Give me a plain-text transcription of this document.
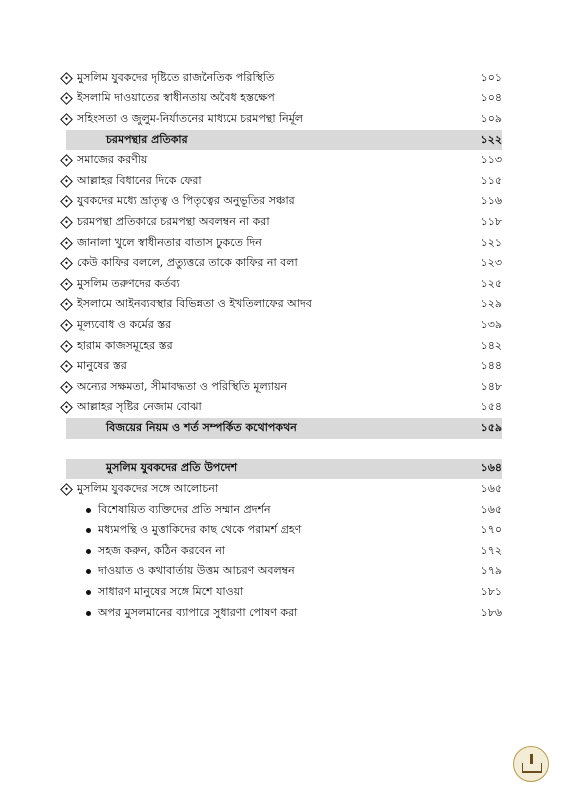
মুসলিম যুবকদের দৃষ্টিতে রাজনৈতিক পরিস্থিতি	১০১
ইসলামি দাওয়াতের স্বাধীনতায় অবৈধ হস্তক্ষেপ	১০৪
সহিংসতা ও জুলুম-নির্যাতনের মাধ্যমে চরমপন্থা নির্মূল	১০৯
চরমপন্থার প্রতিকার	১২২
সমাজের করণীয়	১১৩
আল্লাহর বিধানের দিকে ফেরা	১১৫
যুবকদের মধ্যে ভ্রাতৃত্ব ও পিতৃত্বের অনুভূতির সঞ্চার	১১৬
চরমপন্থা প্রতিকারে চরমপন্থা অবলম্বন না করা	১১৮
জানালা খুলে স্বাধীনতার বাতাস ঢুকতে দিন	১২১
কেউ কাফির বললে, প্রত্যুত্তরে তাকে কাফির না বলা	১২৩
মুসলিম তরুণদের কর্তব্য	১২৫
ইসলামে আইনব্যবস্থার বিভিন্নতা ও ইখতিলাফের আদব	১২৯
মূল্যবোধ ও কর্মের স্তর	১৩৯
হারাম কাজসমূহের স্তর	১৪২
মানুষের স্তর	১৪৪
অন্যের সক্ষমতা, সীমাবদ্ধতা ও পরিস্থিতি মূল্যায়ন	১৪৮
আল্লাহর সৃষ্টির নেজাম বোঝা	১৫৪
বিজয়ের নিয়ম ও শর্ত সম্পর্কিত কথোপকথন	১৫৯
মুসলিম যুবকদের প্রতি উপদেশ	১৬৪
মুসলিম যুবকদের সঙ্গে আলোচনা	১৬৫
বিশেষায়িত ব্যক্তিদের প্রতি সম্মান প্রদর্শন	১৬৫
মধ্যমপন্থি ও মুত্তাকিদের কাছ থেকে পরামর্শ গ্রহণ	১৭০
সহজ করুন, কঠিন করবেন না	১৭২
দাওয়াত ও কথাবার্তায় উত্তম আচরণ অবলম্বন	১৭৯
সাধারণ মানুষের সঙ্গে মিশে যাওয়া	১৮১
অপর মুসলমানের ব্যাপারে সুধারণা পোষণ করা	১৮৬
